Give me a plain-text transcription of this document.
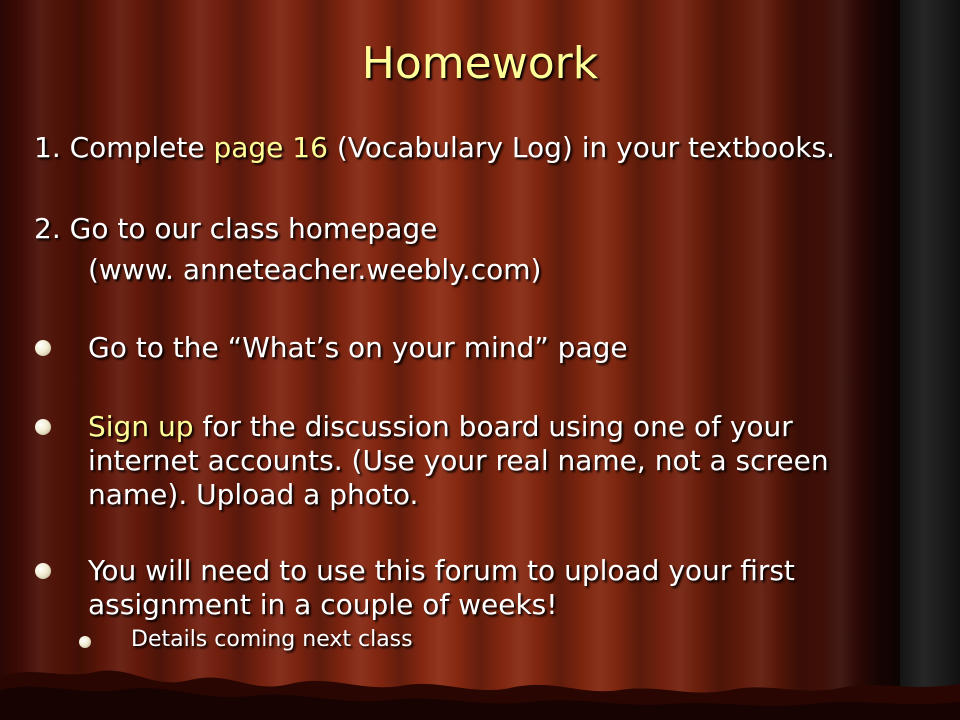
Homework
1. Complete page 16 (Vocabulary Log) in your textbooks.
2. Go to our class homepage
(www. anneteacher.weebly.com)
Go to the “What’s on your mind” page
Sign up for the discussion board using one of your
internet accounts. (Use your real name, not a screen
name). Upload a photo.
You will need to use this forum to upload your first
assignment in a couple of weeks!
Details coming next class
